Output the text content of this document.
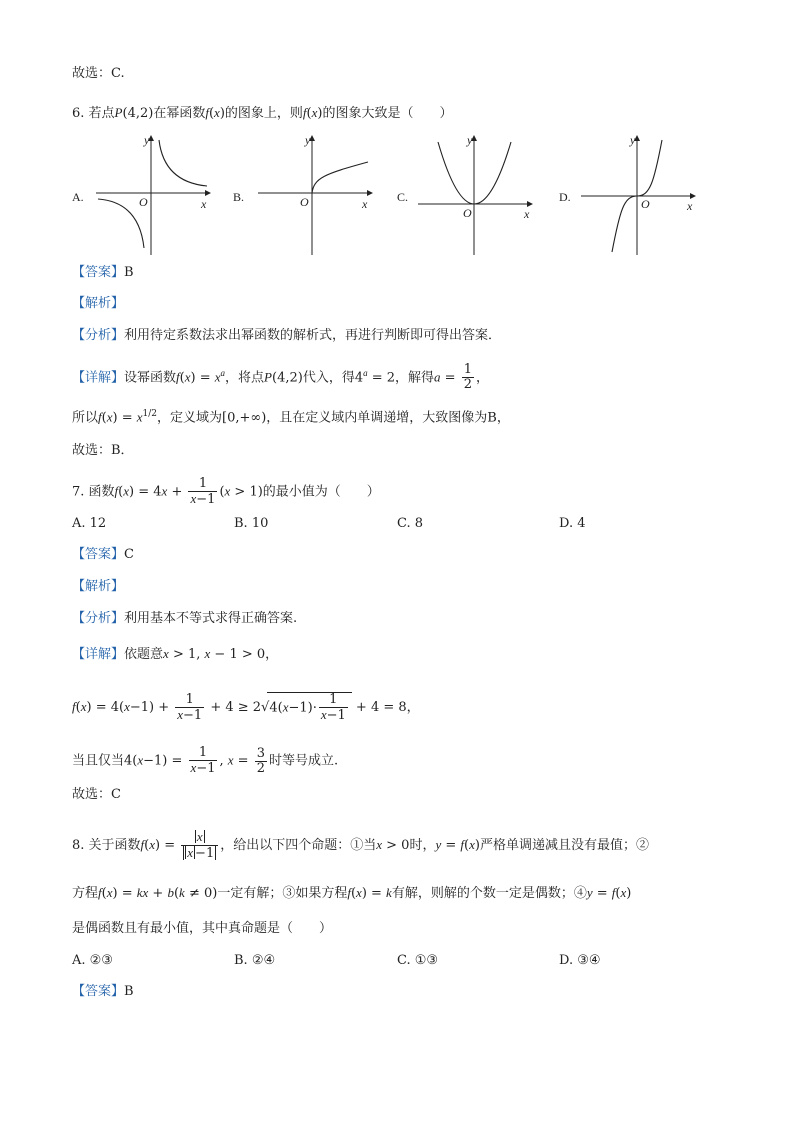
故选：C.
6. 若点P(4,2)在幂函数f(x)的图象上，则f(x)的图象大致是（　　）
A.
y
x
O	B.
y
x
O	C.
y
x
O
D.
y
x
O
【答案】B
【解析】
【分析】利用待定系数法求出幂函数的解析式，再进行判断即可得出答案．
【详解】设幂函数$f(x) = x^a$，将点P(4,2)代入，得$4^a = 2$，解得$a = \frac{1}{2}$ ，
所以$f(x) = x^{1/2}$，定义域为[0,+∞)，且在定义域内单调递增，大致图像为B，
故选：B．
7. 函数$f(x) = 4x + \frac{1}{x-1} (x > 1)$的最小值为（　　）
A. 12	B. 10	C. 8	D. 4
【答案】C
【解析】
【分析】利用基本不等式求得正确答案.
【详解】依题意x > 1, x − 1 > 0，
$f(x) = 4(x-1) + \frac{1}{x-1} + 4 \ge 2√4(x-1)\cdot \frac{1}{x-1} + 4 = 8$，
当且仅当$4(x-1) = \frac{1}{x-1}$ , $x = \frac{3}{2}$ 时等号成立.
故选：C
8. 关于函数$f(x) = \frac{x}{x -1}$ ，给出以下四个命题：①当x > 0时，y = f(x)严格单调递减且没有最值；②
方程f(x) = kx + b(k ≠ 0)一定有解；③如果方程f(x) = k有解，则解的个数一定是偶数；④y = f(x)
是偶函数且有最小值，其中真命题是（　　）
A. ②③	B. ②④	C. ①③	D. ③④
【答案】B
